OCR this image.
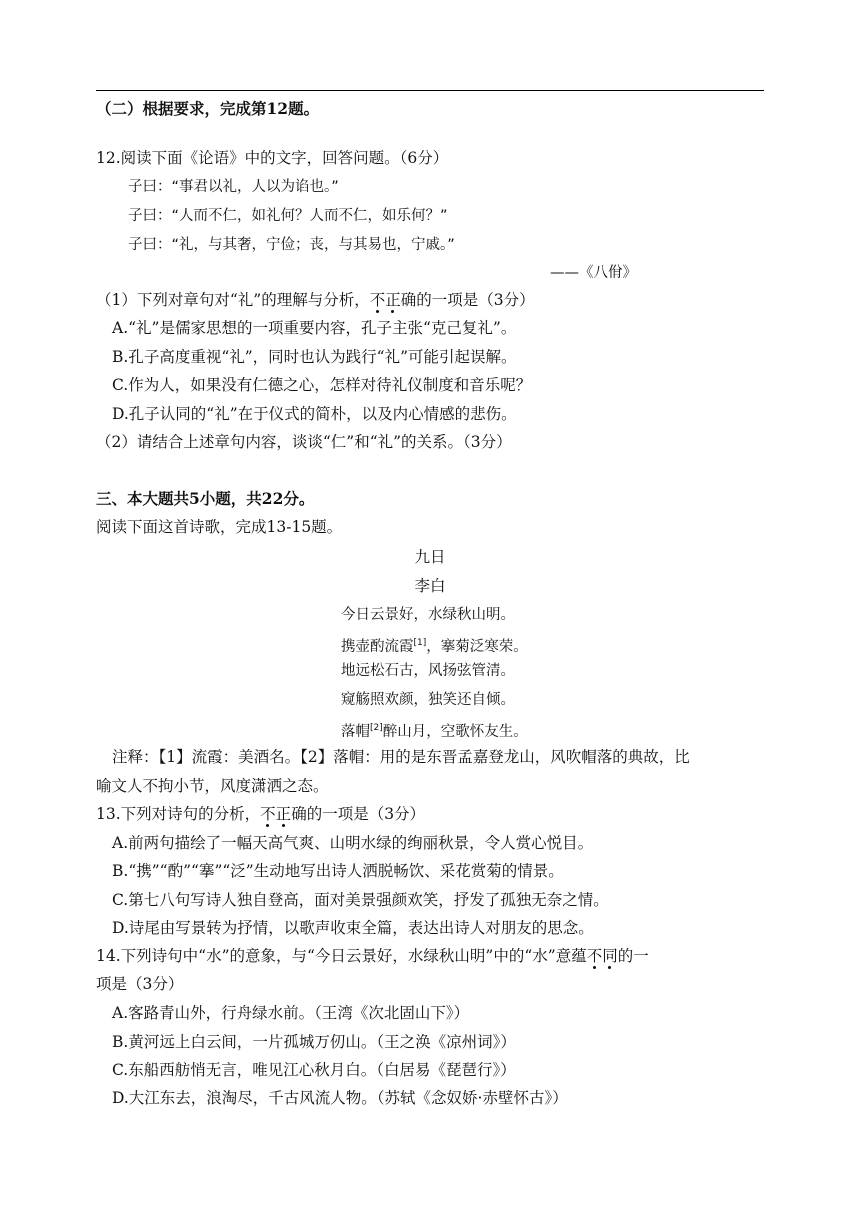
（二）根据要求，完成第12题。
12.阅读下面《论语》中的文字，回答问题。（6分）
子曰：“事君以礼，人以为谄也。”
子曰：“人而不仁，如礼何？人而不仁，如乐何？”
子曰：“礼，与其奢，宁俭；丧，与其易也，宁戚。”
——《八佾》
（1）下列对章句对“礼”的理解与分析，不正确的一项是（3分）
A.“礼”是儒家思想的一项重要内容，孔子主张“克己复礼”。
B.孔子高度重视“礼”，同时也认为践行“礼”可能引起误解。
C.作为人，如果没有仁德之心，怎样对待礼仪制度和音乐呢？
D.孔子认同的“礼”在于仪式的简朴，以及内心情感的悲伤。
（2）请结合上述章句内容，谈谈“仁”和“礼”的关系。（3分）
三、本大题共5小题，共22分。
阅读下面这首诗歌，完成13-15题。
九日
李白
今日云景好，水绿秋山明。
携壶酌流霞[1]，搴菊泛寒荣。
地远松石古，风扬弦管清。
窥觞照欢颜，独笑还自倾。
落帽[2]醉山月，空歌怀友生。
注释：【1】流霞：美酒名。【2】落帽：用的是东晋孟嘉登龙山，风吹帽落的典故，比
喻文人不拘小节，风度潇洒之态。
13.下列对诗句的分析，不正确的一项是（3分）
A.前两句描绘了一幅天高气爽、山明水绿的绚丽秋景，令人赏心悦目。
B.“携”“酌”“搴”“泛”生动地写出诗人洒脱畅饮、采花赏菊的情景。
C.第七八句写诗人独自登高，面对美景强颜欢笑，抒发了孤独无奈之情。
D.诗尾由写景转为抒情，以歌声收束全篇，表达出诗人对朋友的思念。
14.下列诗句中“水”的意象，与“今日云景好，水绿秋山明”中的“水”意蕴不同的一
项是（3分）
A.客路青山外，行舟绿水前。（王湾《次北固山下》）
B.黄河远上白云间，一片孤城万仞山。（王之涣《凉州词》）
C.东船西舫悄无言，唯见江心秋月白。（白居易《琵琶行》）
D.大江东去，浪淘尽，千古风流人物。（苏轼《念奴娇·赤壁怀古》）
